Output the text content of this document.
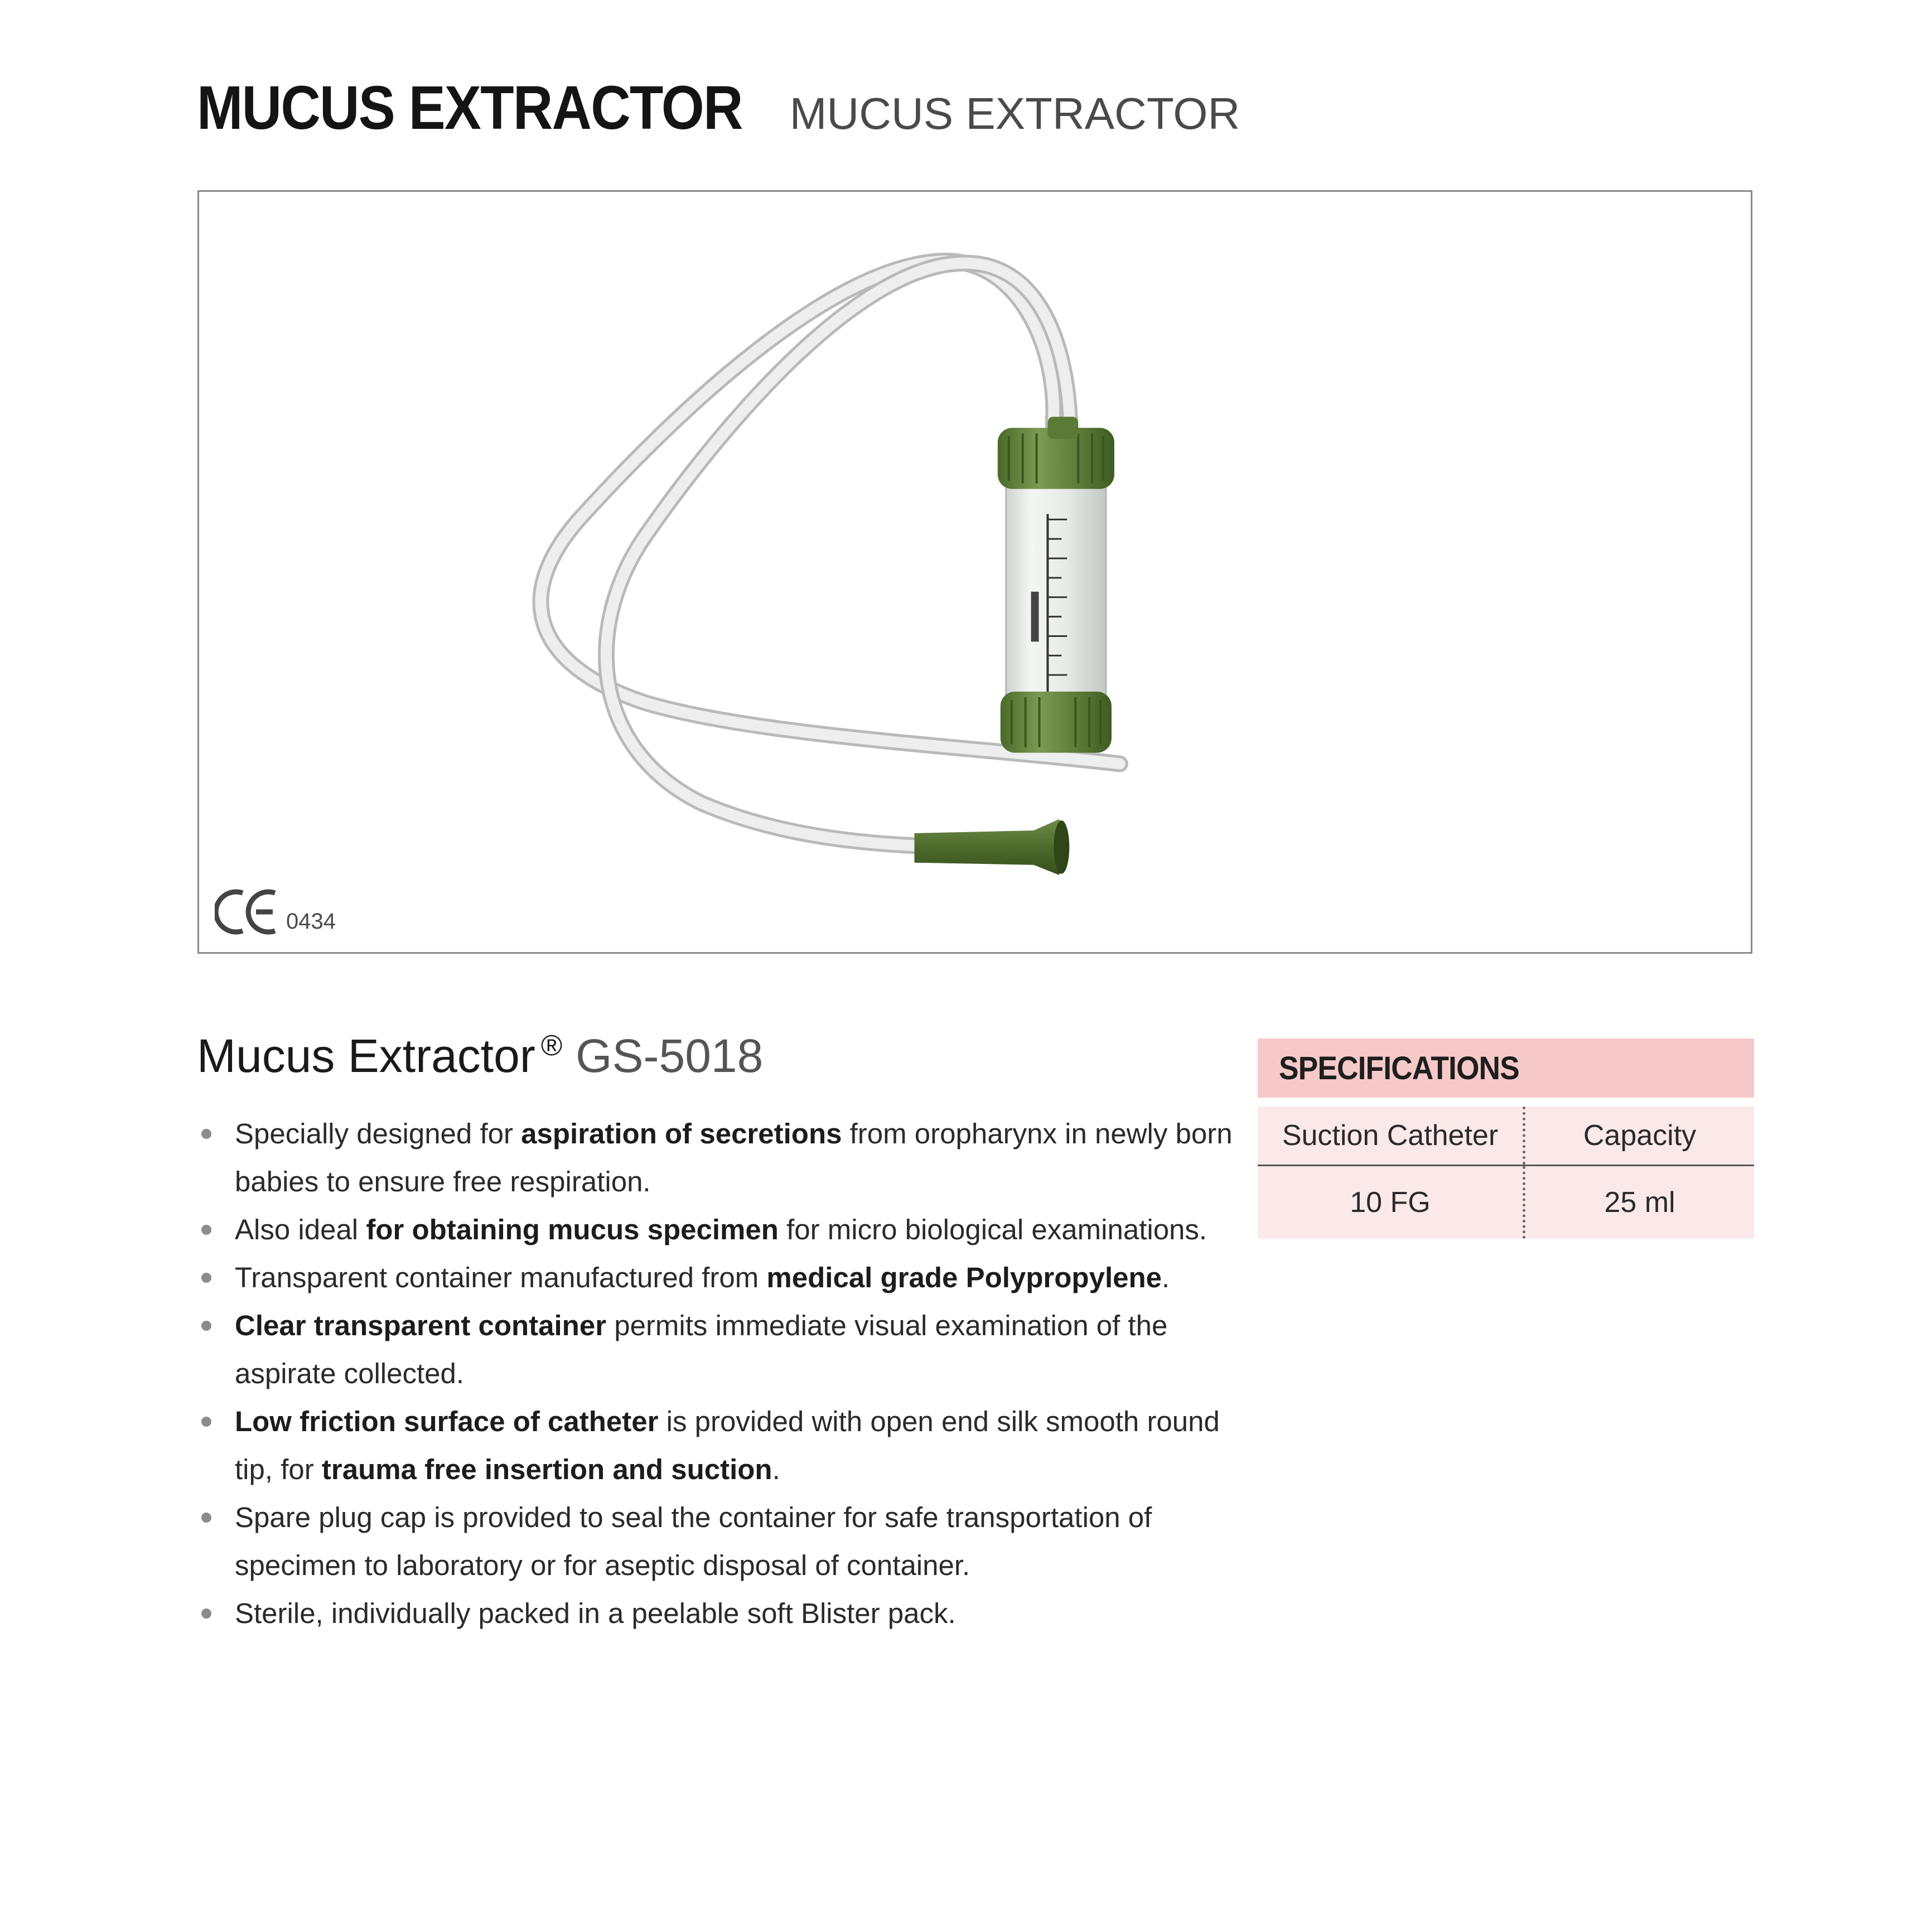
MUCUS EXTRACTOR MUCUS EXTRACTOR
0434
Mucus Extractor ® GS-5018
Specially designed for aspiration of secretions from oropharynx in newly born babies to ensure free respiration.
Also ideal for obtaining mucus specimen for micro biological examinations.
Transparent container manufactured from medical grade Polypropylene.
Clear transparent container permits immediate visual examination of the aspirate collected.
Low friction surface of catheter is provided with open end silk smooth round tip, for trauma free insertion and suction.
Spare plug cap is provided to seal the container for safe transportation of specimen to laboratory or for aseptic disposal of container.
Sterile, individually packed in a peelable soft Blister pack.
SPECIFICATIONS
Suction Catheter	Capacity
10 FG	25 ml
